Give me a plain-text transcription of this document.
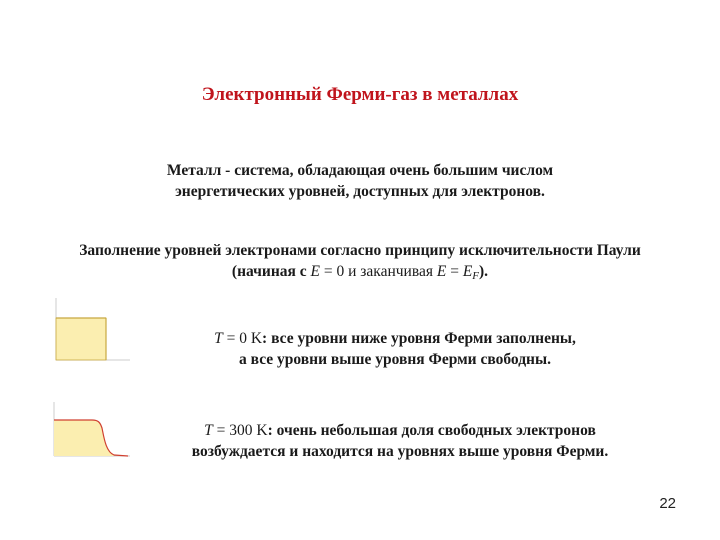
Электронный Ферми-газ в металлах
Металл - система, обладающая очень большим числом
энергетических уровней, доступных для электронов.
Заполнение уровней электронами согласно принципу исключительности Паули
(начиная с E = 0 и заканчивая $E = E_F$).
T = 0 K: все уровни ниже уровня Ферми заполнены,
а все уровни выше уровня Ферми свободны.
T = 300 K: очень небольшая доля свободных электронов
возбуждается и находится на уровнях выше уровня Ферми.
22
